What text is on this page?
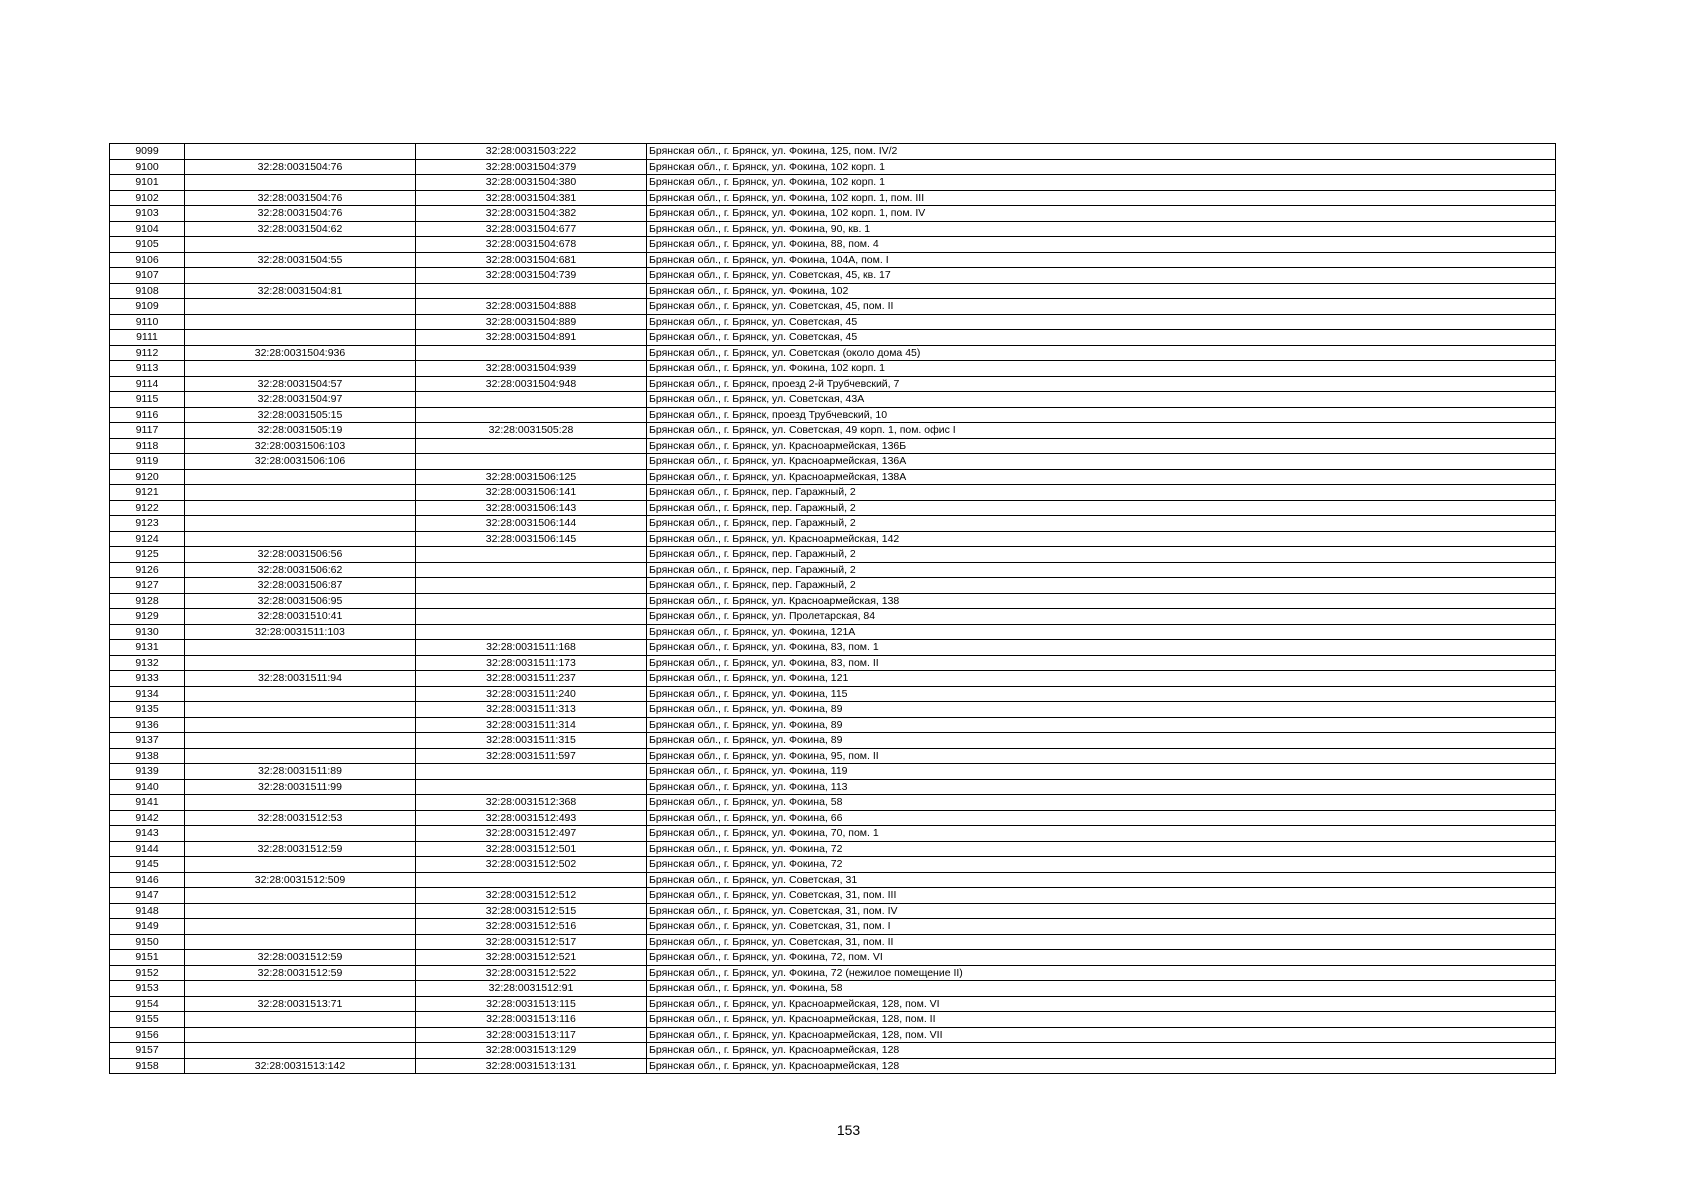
9099		32:28:0031503:222	Брянская обл., г. Брянск, ул. Фокина, 125, пом. IV/2
9100	32:28:0031504:76	32:28:0031504:379	Брянская обл., г. Брянск, ул. Фокина, 102 корп. 1
9101		32:28:0031504:380	Брянская обл., г. Брянск, ул. Фокина, 102 корп. 1
9102	32:28:0031504:76	32:28:0031504:381	Брянская обл., г. Брянск, ул. Фокина, 102 корп. 1, пом. III
9103	32:28:0031504:76	32:28:0031504:382	Брянская обл., г. Брянск, ул. Фокина, 102 корп. 1, пом. IV
9104	32:28:0031504:62	32:28:0031504:677	Брянская обл., г. Брянск, ул. Фокина, 90, кв. 1
9105		32:28:0031504:678	Брянская обл., г. Брянск, ул. Фокина, 88, пом. 4
9106	32:28:0031504:55	32:28:0031504:681	Брянская обл., г. Брянск, ул. Фокина, 104А, пом. I
9107		32:28:0031504:739	Брянская обл., г. Брянск, ул. Советская, 45, кв. 17
9108	32:28:0031504:81		Брянская обл., г. Брянск, ул. Фокина, 102
9109		32:28:0031504:888	Брянская обл., г. Брянск, ул. Советская, 45, пом. II
9110		32:28:0031504:889	Брянская обл., г. Брянск, ул. Советская, 45
9111		32:28:0031504:891	Брянская обл., г. Брянск, ул. Советская, 45
9112	32:28:0031504:936		Брянская обл., г. Брянск, ул. Советская (около дома 45)
9113		32:28:0031504:939	Брянская обл., г. Брянск, ул. Фокина, 102 корп. 1
9114	32:28:0031504:57	32:28:0031504:948	Брянская обл., г. Брянск, проезд 2-й Трубчевский, 7
9115	32:28:0031504:97		Брянская обл., г. Брянск, ул. Советская, 43А
9116	32:28:0031505:15		Брянская обл., г. Брянск, проезд Трубчевский, 10
9117	32:28:0031505:19	32:28:0031505:28	Брянская обл., г. Брянск, ул. Советская, 49 корп. 1, пом. офис I
9118	32:28:0031506:103		Брянская обл., г. Брянск, ул. Красноармейская, 136Б
9119	32:28:0031506:106		Брянская обл., г. Брянск, ул. Красноармейская, 136А
9120		32:28:0031506:125	Брянская обл., г. Брянск, ул. Красноармейская, 138А
9121		32:28:0031506:141	Брянская обл., г. Брянск, пер. Гаражный, 2
9122		32:28:0031506:143	Брянская обл., г. Брянск, пер. Гаражный, 2
9123		32:28:0031506:144	Брянская обл., г. Брянск, пер. Гаражный, 2
9124		32:28:0031506:145	Брянская обл., г. Брянск, ул. Красноармейская, 142
9125	32:28:0031506:56		Брянская обл., г. Брянск, пер. Гаражный, 2
9126	32:28:0031506:62		Брянская обл., г. Брянск, пер. Гаражный, 2
9127	32:28:0031506:87		Брянская обл., г. Брянск, пер. Гаражный, 2
9128	32:28:0031506:95		Брянская обл., г. Брянск, ул. Красноармейская, 138
9129	32:28:0031510:41		Брянская обл., г. Брянск, ул. Пролетарская, 84
9130	32:28:0031511:103		Брянская обл., г. Брянск, ул. Фокина, 121А
9131		32:28:0031511:168	Брянская обл., г. Брянск, ул. Фокина, 83, пом. 1
9132		32:28:0031511:173	Брянская обл., г. Брянск, ул. Фокина, 83, пом. II
9133	32:28:0031511:94	32:28:0031511:237	Брянская обл., г. Брянск, ул. Фокина, 121
9134		32:28:0031511:240	Брянская обл., г. Брянск, ул. Фокина, 115
9135		32:28:0031511:313	Брянская обл., г. Брянск, ул. Фокина, 89
9136		32:28:0031511:314	Брянская обл., г. Брянск, ул. Фокина, 89
9137		32:28:0031511:315	Брянская обл., г. Брянск, ул. Фокина, 89
9138		32:28:0031511:597	Брянская обл., г. Брянск, ул. Фокина, 95, пом. II
9139	32:28:0031511:89		Брянская обл., г. Брянск, ул. Фокина, 119
9140	32:28:0031511:99		Брянская обл., г. Брянск, ул. Фокина, 113
9141		32:28:0031512:368	Брянская обл., г. Брянск, ул. Фокина, 58
9142	32:28:0031512:53	32:28:0031512:493	Брянская обл., г. Брянск, ул. Фокина, 66
9143		32:28:0031512:497	Брянская обл., г. Брянск, ул. Фокина, 70, пом. 1
9144	32:28:0031512:59	32:28:0031512:501	Брянская обл., г. Брянск, ул. Фокина, 72
9145		32:28:0031512:502	Брянская обл., г. Брянск, ул. Фокина, 72
9146	32:28:0031512:509		Брянская обл., г. Брянск, ул. Советская, 31
9147		32:28:0031512:512	Брянская обл., г. Брянск, ул. Советская, 31, пом. III
9148		32:28:0031512:515	Брянская обл., г. Брянск, ул. Советская, 31, пом. IV
9149		32:28:0031512:516	Брянская обл., г. Брянск, ул. Советская, 31, пом. I
9150		32:28:0031512:517	Брянская обл., г. Брянск, ул. Советская, 31, пом. II
9151	32:28:0031512:59	32:28:0031512:521	Брянская обл., г. Брянск, ул. Фокина, 72, пом. VI
9152	32:28:0031512:59	32:28:0031512:522	Брянская обл., г. Брянск, ул. Фокина, 72 (нежилое помещение II)
9153		32:28:0031512:91	Брянская обл., г. Брянск, ул. Фокина, 58
9154	32:28:0031513:71	32:28:0031513:115	Брянская обл., г. Брянск, ул. Красноармейская, 128, пом. VI
9155		32:28:0031513:116	Брянская обл., г. Брянск, ул. Красноармейская, 128, пом. II
9156		32:28:0031513:117	Брянская обл., г. Брянск, ул. Красноармейская, 128, пом. VII
9157		32:28:0031513:129	Брянская обл., г. Брянск, ул. Красноармейская, 128
9158	32:28:0031513:142	32:28:0031513:131	Брянская обл., г. Брянск, ул. Красноармейская, 128
153
